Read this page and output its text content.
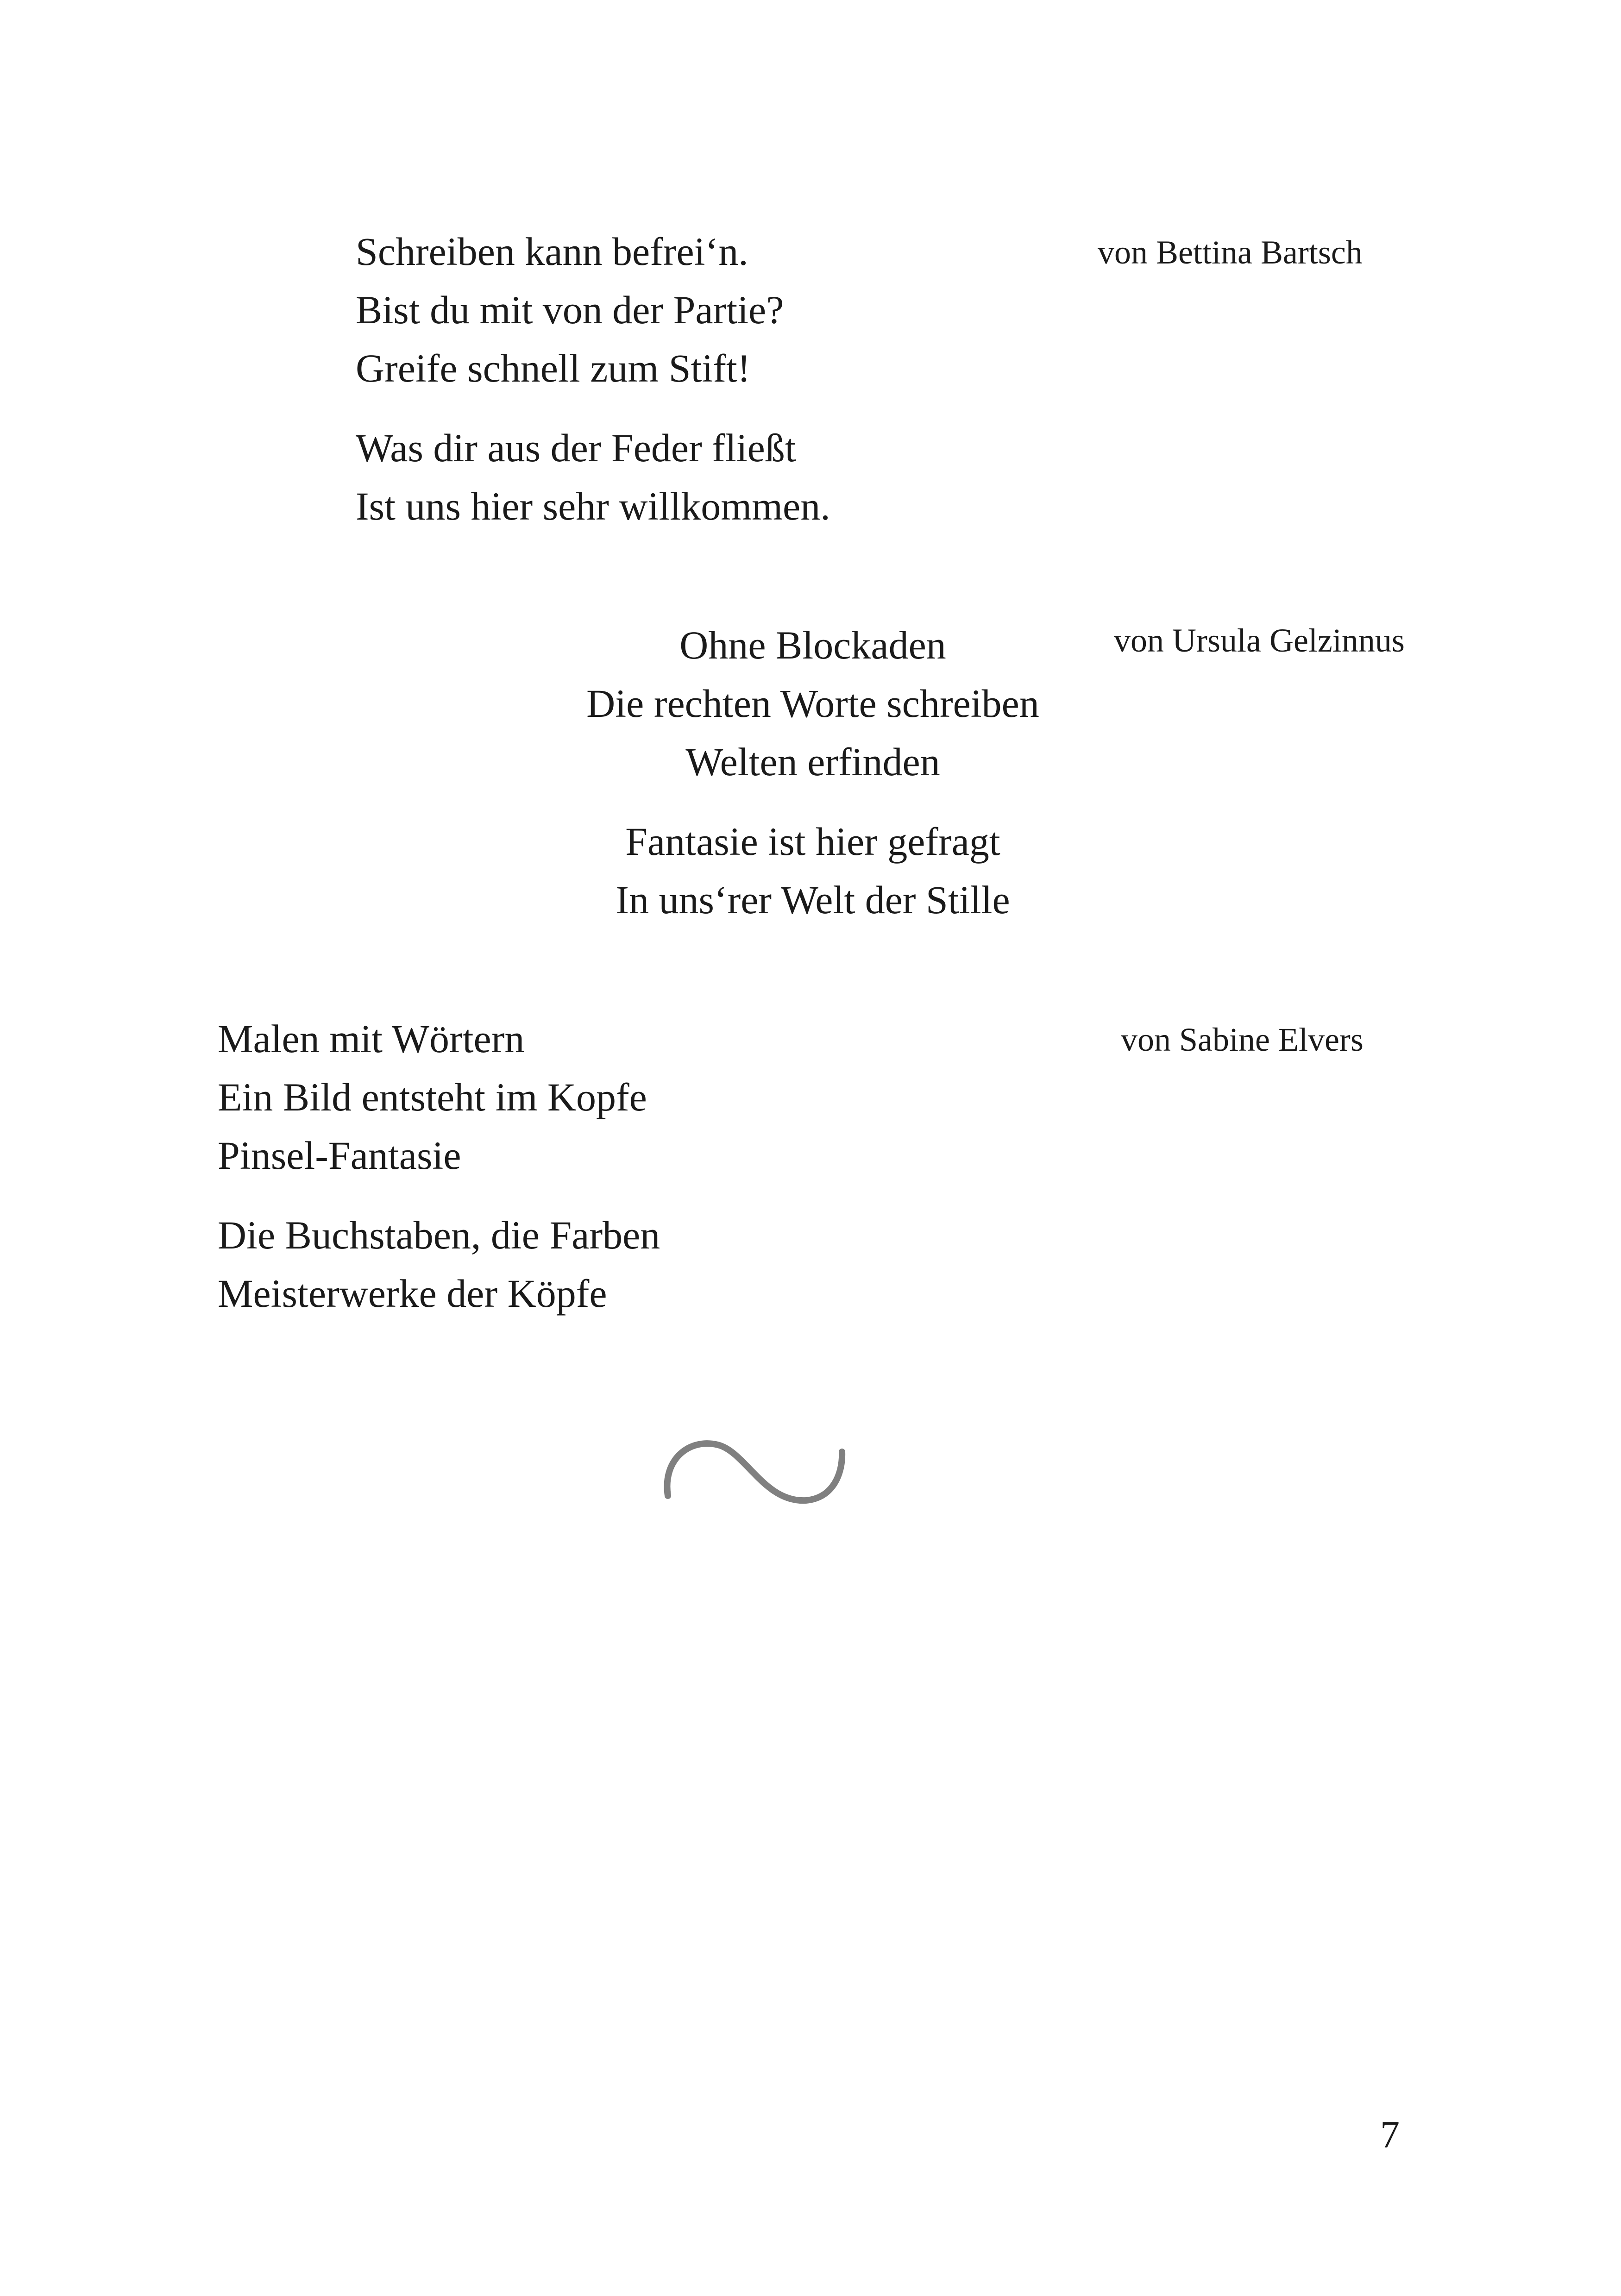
Schreiben kann befrei‘n.
Bist du mit von der Partie?
Greife schnell zum Stift!
Was dir aus der Feder fließt
Ist uns hier sehr willkommen.
von Bettina Bartsch
Ohne Blockaden
Die rechten Worte schreiben
Welten erfinden
Fantasie ist hier gefragt
In uns‘rer Welt der Stille
von Ursula Gelzinnus
Malen mit Wörtern
Ein Bild entsteht im Kopfe
Pinsel-Fantasie
Die Buchstaben, die Farben
Meisterwerke der Köpfe
von Sabine Elvers
7
